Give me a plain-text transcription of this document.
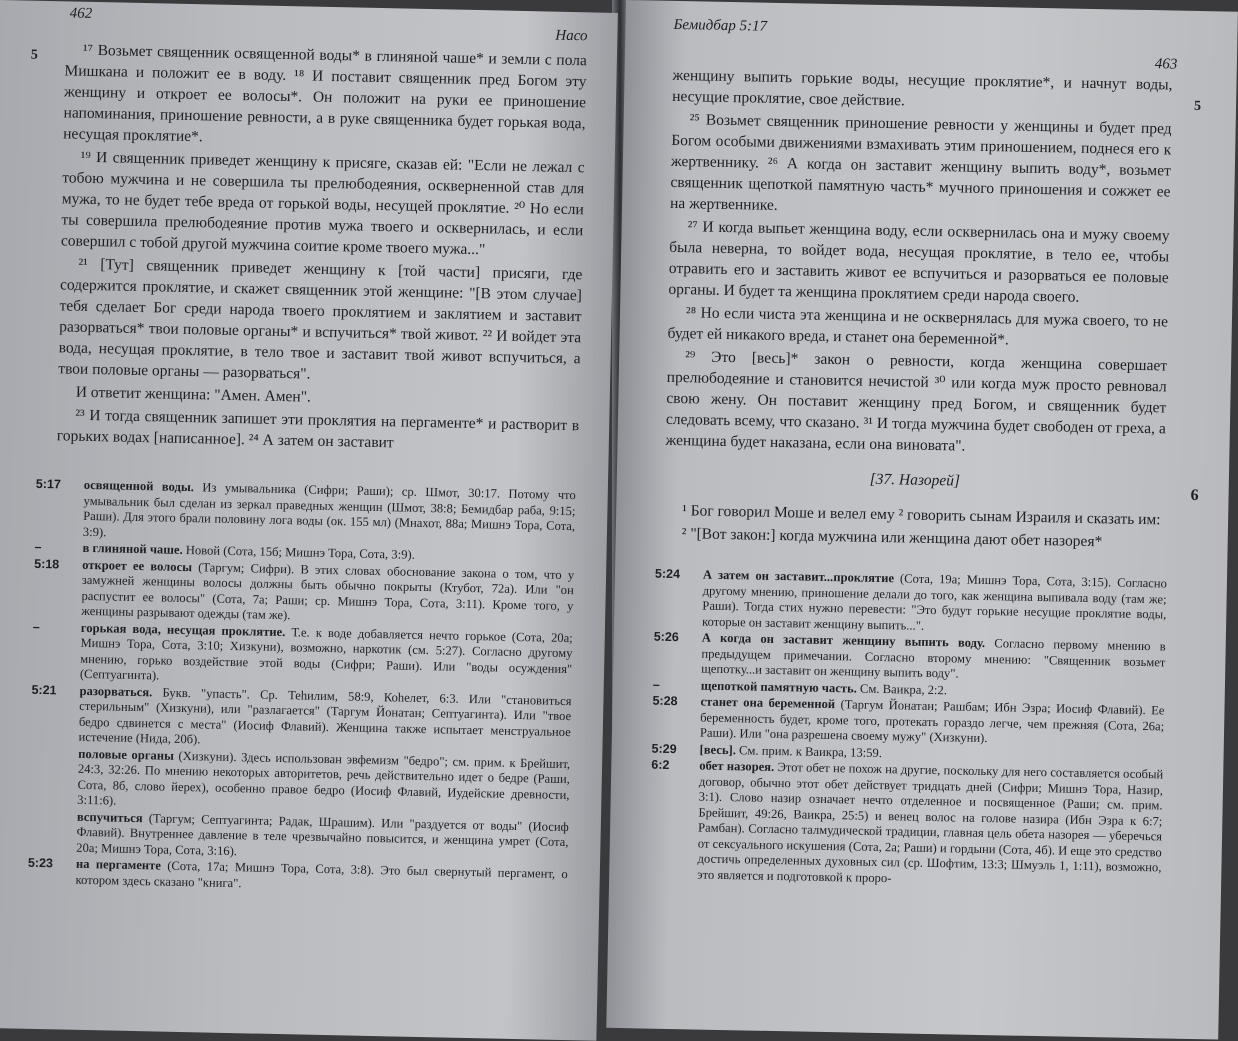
462
Насо
5	¹⁷ Возьмет священник освященной воды* в глиняной чаше* и земли с пола Мишкана и положит ее в воду. ¹⁸ И поставит священник пред Богом эту женщину и откроет ее волосы*. Он положит на руки ее приношение напоминания, приношение ревности, а в руке священника будет горькая вода, несущая проклятие*.

¹⁹ И священник приведет женщину к присяге, сказав ей: "Если не лежал с тобою мужчина и не совершила ты прелюбодеяния, оскверненной став для мужа, то не будет тебе вреда от горькой воды, несущей проклятие. ²⁰ Но если ты совершила прелюбодеяние против мужа твоего и осквернилась, и если совершил с тобой другой мужчина соитие кроме твоего мужа..."

²¹ [Тут] священник приведет женщину к [той части] присяги, где содержится проклятие, и скажет священник этой женщине: "[В этом случае] тебя сделает Бог среди народа твоего проклятием и заклятием и заставит разорваться* твои половые органы* и вспучиться* твой живот. ²² И войдет эта вода, несущая проклятие, в тело твое и заставит твой живот вспучиться, а твои половые органы — разорваться".

И ответит женщина: "Амен. Амен".

²³ И тогда священник запишет эти проклятия на пергаменте* и растворит в горьких водах [написанное]. ²⁴ А затем он заставит

5:17	освященной воды. Из умывальника (Сифри; Раши); ср. Шмот, 30:17. Потому что умывальник был сделан из зеркал праведных женщин (Шмот, 38:8; Бемидбар раба, 9:15; Раши). Для этого брали половину лога воды (ок. 155 мл) (Мнахот, 88а; Мишнэ Тора, Сота, 3:9).
–	в глиняной чаше. Новой (Сота, 15б; Мишнэ Тора, Сота, 3:9).
5:18	откроет ее волосы (Таргум; Сифри). В этих словах обоснование закона о том, что у замужней женщины волосы должны быть обычно покрыты (Ктубот, 72а). Или "он распустит ее волосы" (Сота, 7а; Раши; ср. Мишнэ Тора, Сота, 3:11). Кроме того, у женщины разрывают одежды (там же).
–	горькая вода, несущая проклятие. Т.е. к воде добавляется нечто горькое (Сота, 20а; Мишнэ Тора, Сота, 3:10; Хизкуни), возможно, наркотик (см. 5:27). Согласно другому мнению, горько воздействие этой воды (Сифри; Раши). Или "воды осуждения" (Септуагинта).
5:21	разорваться. Букв. "упасть". Ср. Теhилим, 58:9, Коhелет, 6:3. Или "становиться стерильным" (Хизкуни), или "разлагается" (Таргум Йонатан; Септуагинта). Или "твое бедро сдвинется с места" (Иосиф Флавий). Женщина также испытает менструальное истечение (Нида, 20б).
половые органы (Хизкуни). Здесь использован эвфемизм "бедро"; см. прим. к Брейшит, 24:3, 32:26. По мнению некоторых авторитетов, речь действительно идет о бедре (Раши, Сота, 8б, слово йерех), особенно правое бедро (Иосиф Флавий, Иудейские древности, 3:11:6).
вспучиться (Таргум; Септуагинта; Радак, Шрашим). Или "раздуется от воды" (Иосиф Флавий). Внутреннее давление в теле чрезвычайно повысится, и женщина умрет (Сота, 20а; Мишнэ Тора, Сота, 3:16).
5:23	на пергаменте (Сота, 17а; Мишнэ Тора, Сота, 3:8). Это был свернутый пергамент, о котором здесь сказано "книга".
Бемидбар 5:17
463
5
6

женщину выпить горькие воды, несущие проклятие*, и начнут воды, несущие проклятие, свое действие.

²⁵ Возьмет священник приношение ревности у женщины и будет пред Богом особыми движениями взмахивать этим приношением, поднеся его к жертвеннику. ²⁶ А когда он заставит женщину выпить воду*, возьмет священник щепоткой памятную часть* мучного приношения и сожжет ее на жертвеннике.

²⁷ И когда выпьет женщина воду, если осквернилась она и мужу своему была неверна, то войдет вода, несущая проклятие, в тело ее, чтобы отравить его и заставить живот ее вспучиться и разорваться ее половые органы. И будет та женщина проклятием среди народа своего.

²⁸ Но если чиста эта женщина и не осквернялась для мужа своего, то не будет ей никакого вреда, и станет она беременной*.

²⁹ Это [весь]* закон о ревности, когда женщина совершает прелюбодеяние и становится нечистой ³⁰ или когда муж просто ревновал свою жену. Он поставит женщину пред Богом, и священник будет следовать всему, что сказано. ³¹ И тогда мужчина будет свободен от греха, а женщина будет наказана, если она виновата".

[37. Назорей]

¹ Бог говорил Моше и велел ему ² говорить сынам Израиля и сказать им:

² "[Вот закон:] когда мужчина или женщина дают обет назорея*

5:24	А затем он заставит...проклятие (Сота, 19а; Мишнэ Тора, Сота, 3:15). Согласно другому мнению, приношение делали до того, как женщина выпивала воду (там же; Раши). Тогда стих нужно перевести: "Это будут горькие несущие проклятие воды, которые он заставит женщину выпить...".
5:26	А когда он заставит женщину выпить воду. Согласно первому мнению в предыдущем примечании. Согласно второму мнению: "Священник возьмет щепотку...и заставит он женщину выпить воду".
–	щепоткой памятную часть. См. Ваикра, 2:2.
5:28	станет она беременной (Таргум Йонатан; Рашбам; Ибн Эзра; Иосиф Флавий). Ее беременность будет, кроме того, протекать гораздо легче, чем прежняя (Сота, 26а; Раши). Или "она разрешена своему мужу" (Хизкуни).
5:29	[весь]. См. прим. к Ваикра, 13:59.
6:2	обет назорея. Этот обет не похож на другие, поскольку для него составляется особый договор, обычно этот обет действует тридцать дней (Сифри; Мишнэ Тора, Назир, 3:1). Слово назир означает нечто отделенное и посвященное (Раши; см. прим. Брейшит, 49:26, Ваикра, 25:5) и венец волос на голове назира (Ибн Эзра к 6:7; Рамбан). Согласно талмудической традиции, главная цель обета назорея — уберечься от сексуального искушения (Сота, 2а; Раши) и гордыни (Сота, 4б). И еще это средство достичь определенных духовных сил (ср. Шофтим, 13:3; Шмуэль 1, 1:11), возможно, это является и подготовкой к проро-
